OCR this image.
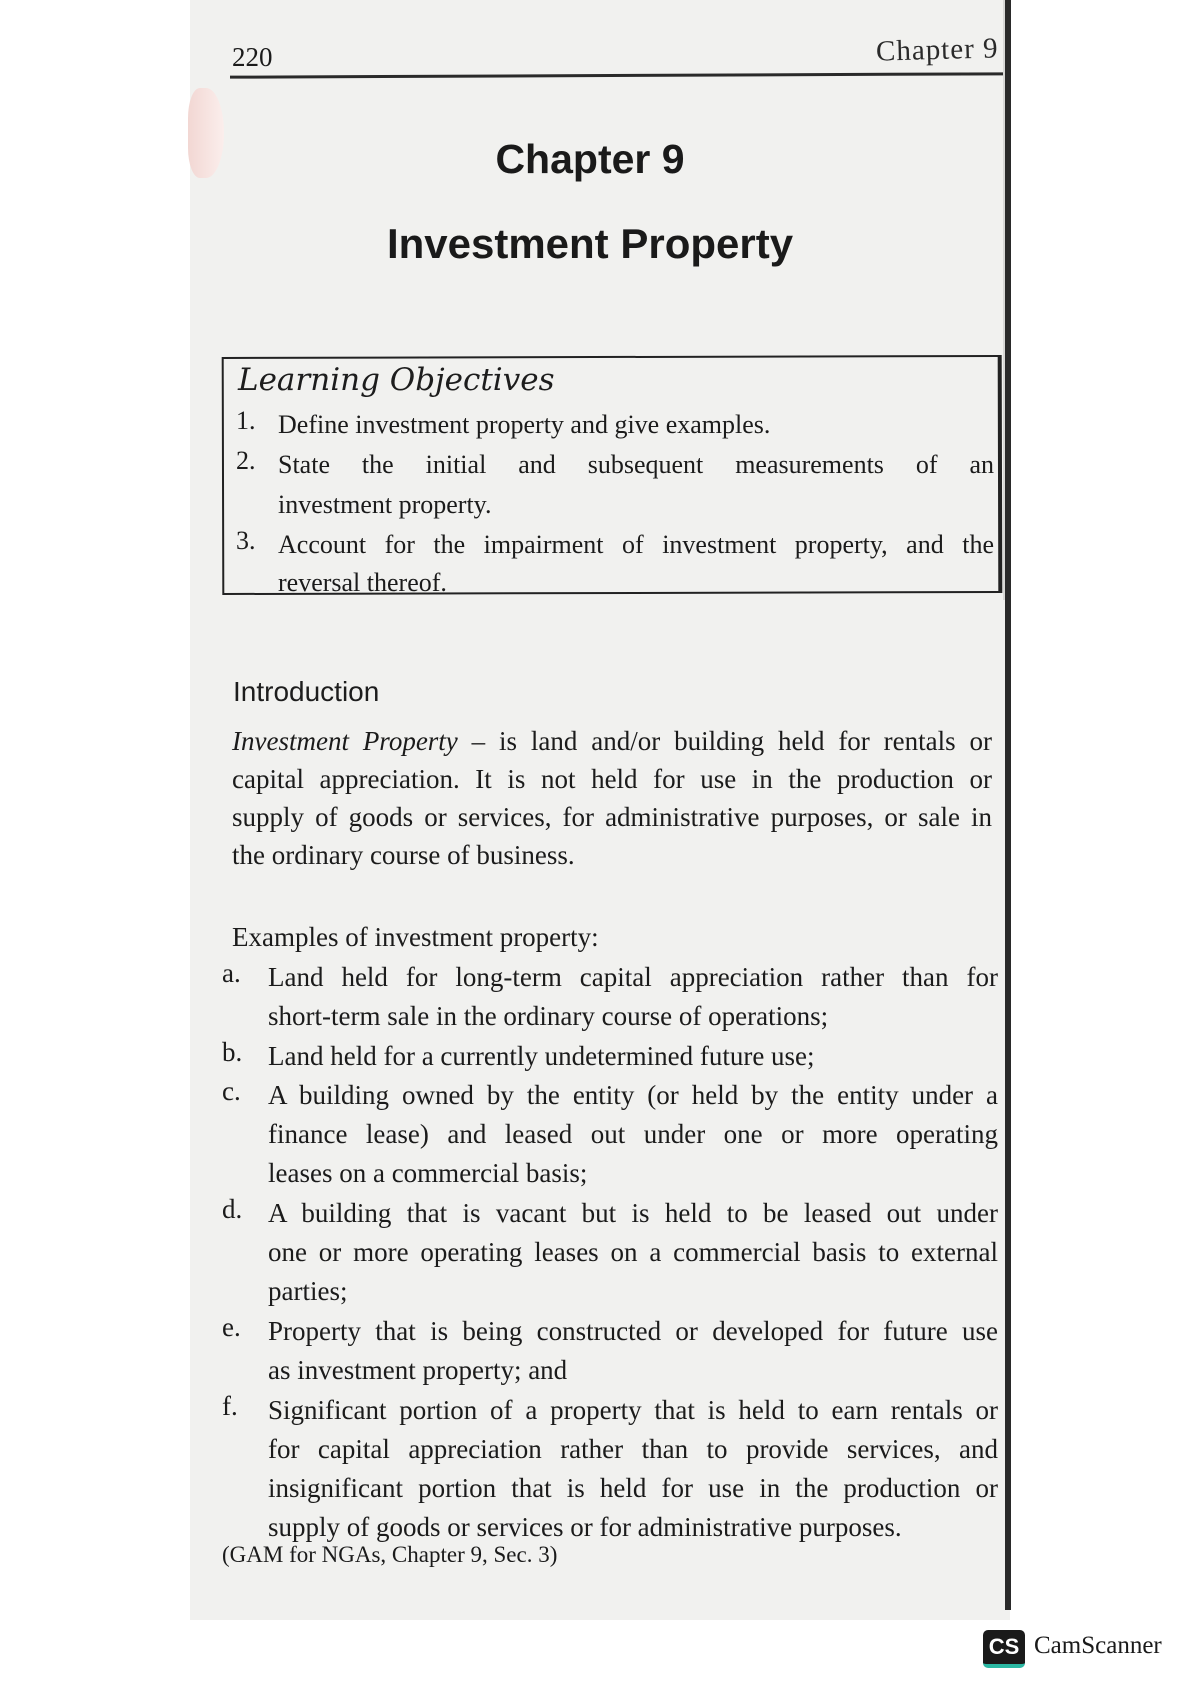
220	Chapter 9
Chapter 9
Investment Property
Learning Objectives
1. Define investment property and give examples.
2. State the initial and subsequent measurements of an
investment property.
3. Account for the impairment of investment property, and the
reversal thereof.
Introduction
Investment Property – is land and/or building held for rentals or
capital appreciation. It is not held for use in the production or
supply of goods or services, for administrative purposes, or sale in
the ordinary course of business.
Examples of investment property:
a. Land held for long-term capital appreciation rather than for
short-term sale in the ordinary course of operations;
b. Land held for a currently undetermined future use;
c. A building owned by the entity (or held by the entity under a
finance lease) and leased out under one or more operating
leases on a commercial basis;
d. A building that is vacant but is held to be leased out under
one or more operating leases on a commercial basis to external
parties;
e. Property that is being constructed or developed for future use
as investment property; and
f. Significant portion of a property that is held to earn rentals or
for capital appreciation rather than to provide services, and
insignificant portion that is held for use in the production or
supply of goods or services or for administrative purposes.
(GAM for NGAs, Chapter 9, Sec. 3)
CS CamScanner
